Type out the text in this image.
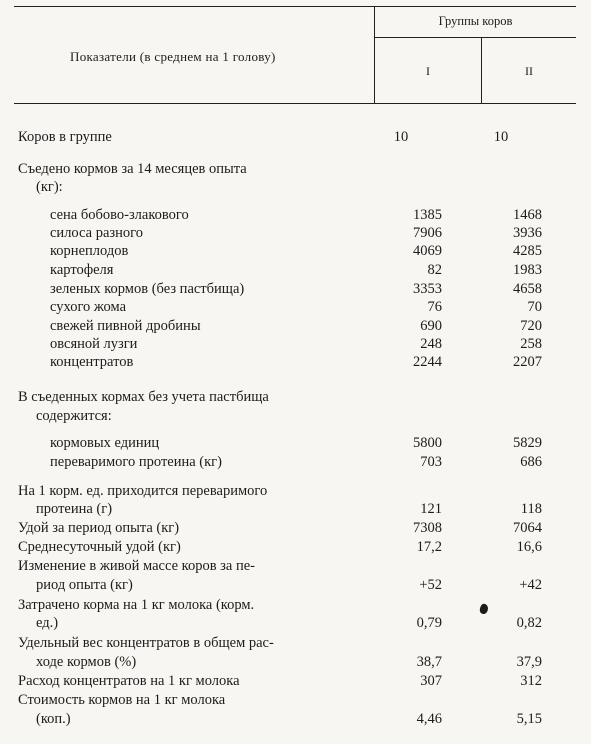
Показатели (в среднем на 1 голову)
Группы коров
I	II
Коров в группе	10	10
Съедено кормов за 14 месяцев опыта
(кг):
сена бобово-злакового	1385	1468
силоса разного	7906	3936
корнеплодов	4069	4285
картофеля	82	1983
зеленых кормов (без пастбища)	3353	4658
сухого жома	76	70
свежей пивной дробины	690	720
овсяной лузги	248	258
концентратов	2244	2207
В съеденных кормах без учета пастбища
содержится:
кормовых единиц	5800	5829
переваримого протеина (кг)	703	686
На 1 корм. ед. приходится переваримого
протеина (г)	121	118
Удой за период опыта (кг)	7308	7064
Среднесуточный удой (кг)	17,2	16,6
Изменение в живой массе коров за пе-
риод опыта (кг)	+52	+42
Затрачено корма на 1 кг молока (корм.
ед.)	0,79	0,82
Удельный вес концентратов в общем рас-
ходе кормов (%)	38,7	37,9
Расход концентратов на 1 кг молока	307	312
Стоимость кормов на 1 кг молока
(коп.)	4,46	5,15
